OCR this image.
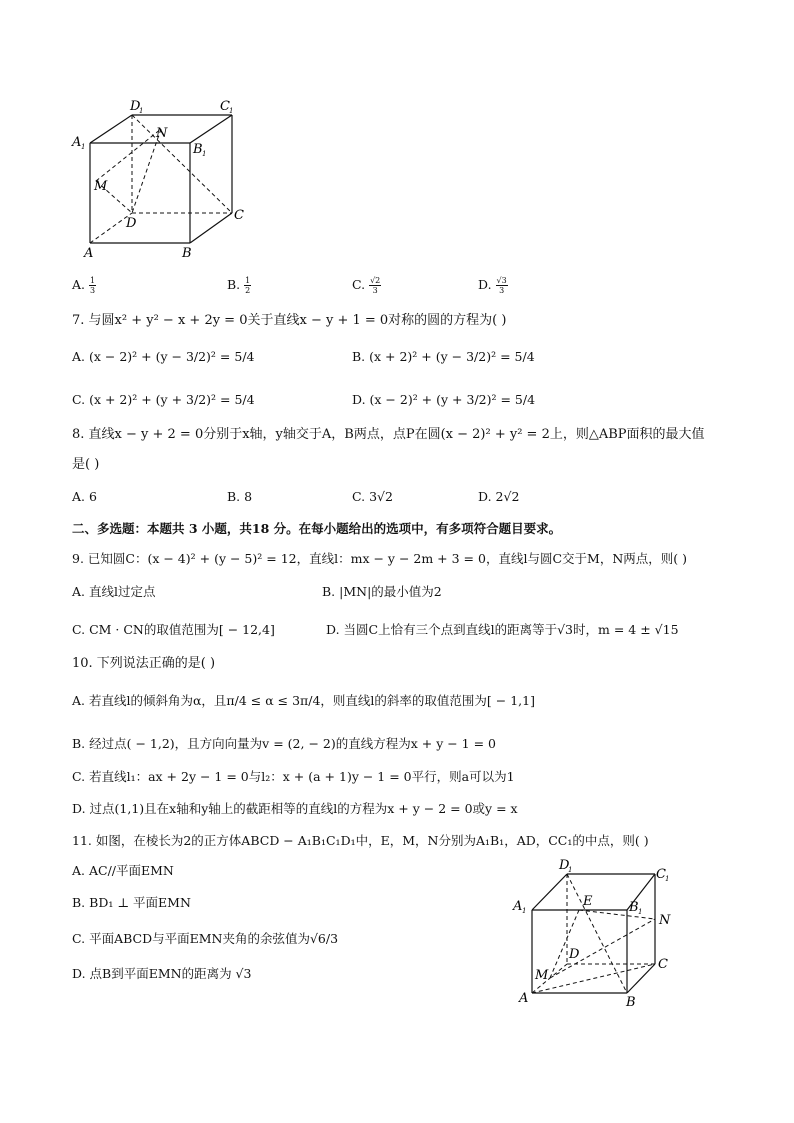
D
1	C 1
A 1	B 1
N
M
D
C
A	B
A. $\frac{1}{3}$	B. $\frac{1}{2}$	C. $\frac{√2}{3}$	D. $\frac{√3}{3}$
7. 与圆x² + y² − x + 2y = 0关于直线x − y + 1 = 0对称的圆的方程为( )
A. (x − 2)² + (y − 3/2)² = 5/4	B. (x + 2)² + (y − 3/2)² = 5/4
C. (x + 2)² + (y + 3/2)² = 5/4	D. (x − 2)² + (y + 3/2)² = 5/4
8. 直线x − y + 2 = 0分别于x轴，y轴交于A，B两点，点P在圆(x − 2)² + y² = 2上，则△ABP面积的最大值
是( )
A. 6	B. 8	C. 3√2	D. 2√2
二、多选题：本题共 3 小题，共18 分。在每小题给出的选项中，有多项符合题目要求。
9. 已知圆C：(x − 4)² + (y − 5)² = 12，直线l：mx − y − 2m + 3 = 0，直线l与圆C交于M，N两点，则( )
A. 直线l过定点	B. |MN|的最小值为2
C. CM · CN的取值范围为[ − 12,4]	D. 当圆C上恰有三个点到直线l的距离等于√3时，m = 4 ± √15
10. 下列说法正确的是( )
A. 若直线l的倾斜角为α，且π/4 ≤ α ≤ 3π/4，则直线l的斜率的取值范围为[ − 1,1]
B. 经过点( − 1,2)，且方向向量为v = (2, − 2)的直线方程为x + y − 1 = 0
C. 若直线l₁：ax + 2y − 1 = 0与l₂：x + (a + 1)y − 1 = 0平行，则a可以为1
D. 过点(1,1)且在x轴和y轴上的截距相等的直线l的方程为x + y − 2 = 0或y = x
11. 如图，在棱长为2的正方体ABCD − A₁B₁C₁D₁中，E，M，N分别为A₁B₁，AD，CC₁的中点，则( )
A. AC//平面EMN
B. BD₁ ⊥ 平面EMN
C. 平面ABCD与平面EMN夹角的余弦值为√6/3
D. 点B到平面EMN的距离为 √3
D
1	C 1
A 1
E	B 1
N
D
C
M
A	B
